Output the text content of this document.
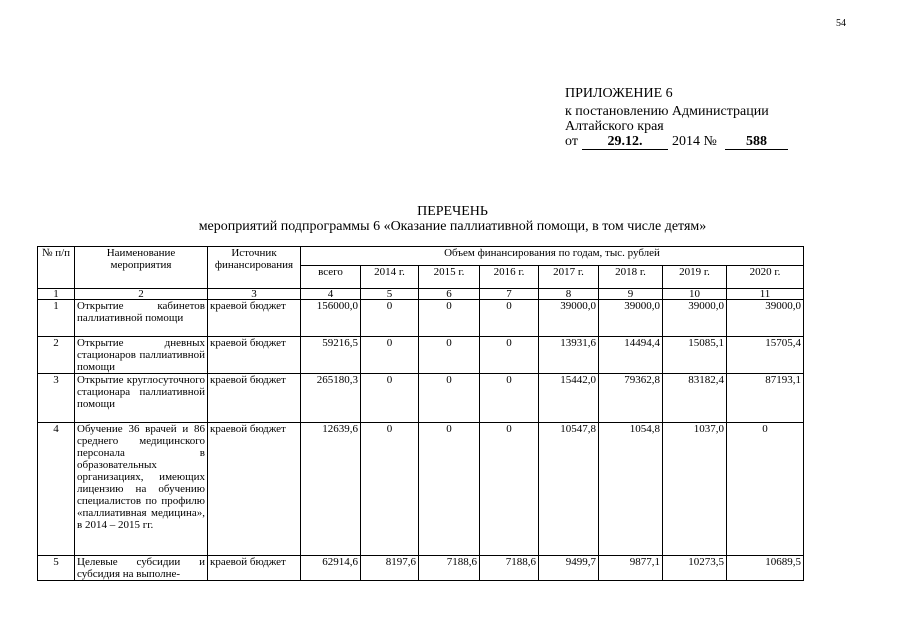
54
ПРИЛОЖЕНИЕ 6
к постановлению Администрации
Алтайского края
от	29.12.	2014 №	588
ПЕРЕЧЕНЬ
мероприятий подпрограммы 6 «Оказание паллиативной помощи, в том числе детям»
№ п/п	Наименование мероприятия	Источник финансирования	Объем финансирования по годам, тыс. рублей							
			всего	2014 г.	2015 г.	2016 г.	2017 г.	2018 г.	2019 г.	2020 г.
1	2	3	4	5	6	7	8	9	10	11
1	Открытие кабинетов паллиативной помощи	краевой бюджет	156000,0	0	0	0	39000,0	39000,0	39000,0	39000,0
2	Открытие дневных стационаров паллиативной помощи	краевой бюджет	59216,5	0	0	0	13931,6	14494,4	15085,1	15705,4
3	Открытие круглосуточного стационара паллиативной помощи	краевой бюджет	265180,3	0	0	0	15442,0	79362,8	83182,4	87193,1
4	Обучение 36 врачей и 86 среднего медицинского персонала в образовательных организациях, имеющих лицензию на обучению специалистов по профилю «паллиативная медицина», в 2014 – 2015 гг.	краевой бюджет	12639,6	0	0	0	10547,8	1054,8	1037,0	0
5	Целевые субсидии и субсидия на выполне-	краевой бюджет	62914,6	8197,6	7188,6	7188,6	9499,7	9877,1	10273,5	10689,5
